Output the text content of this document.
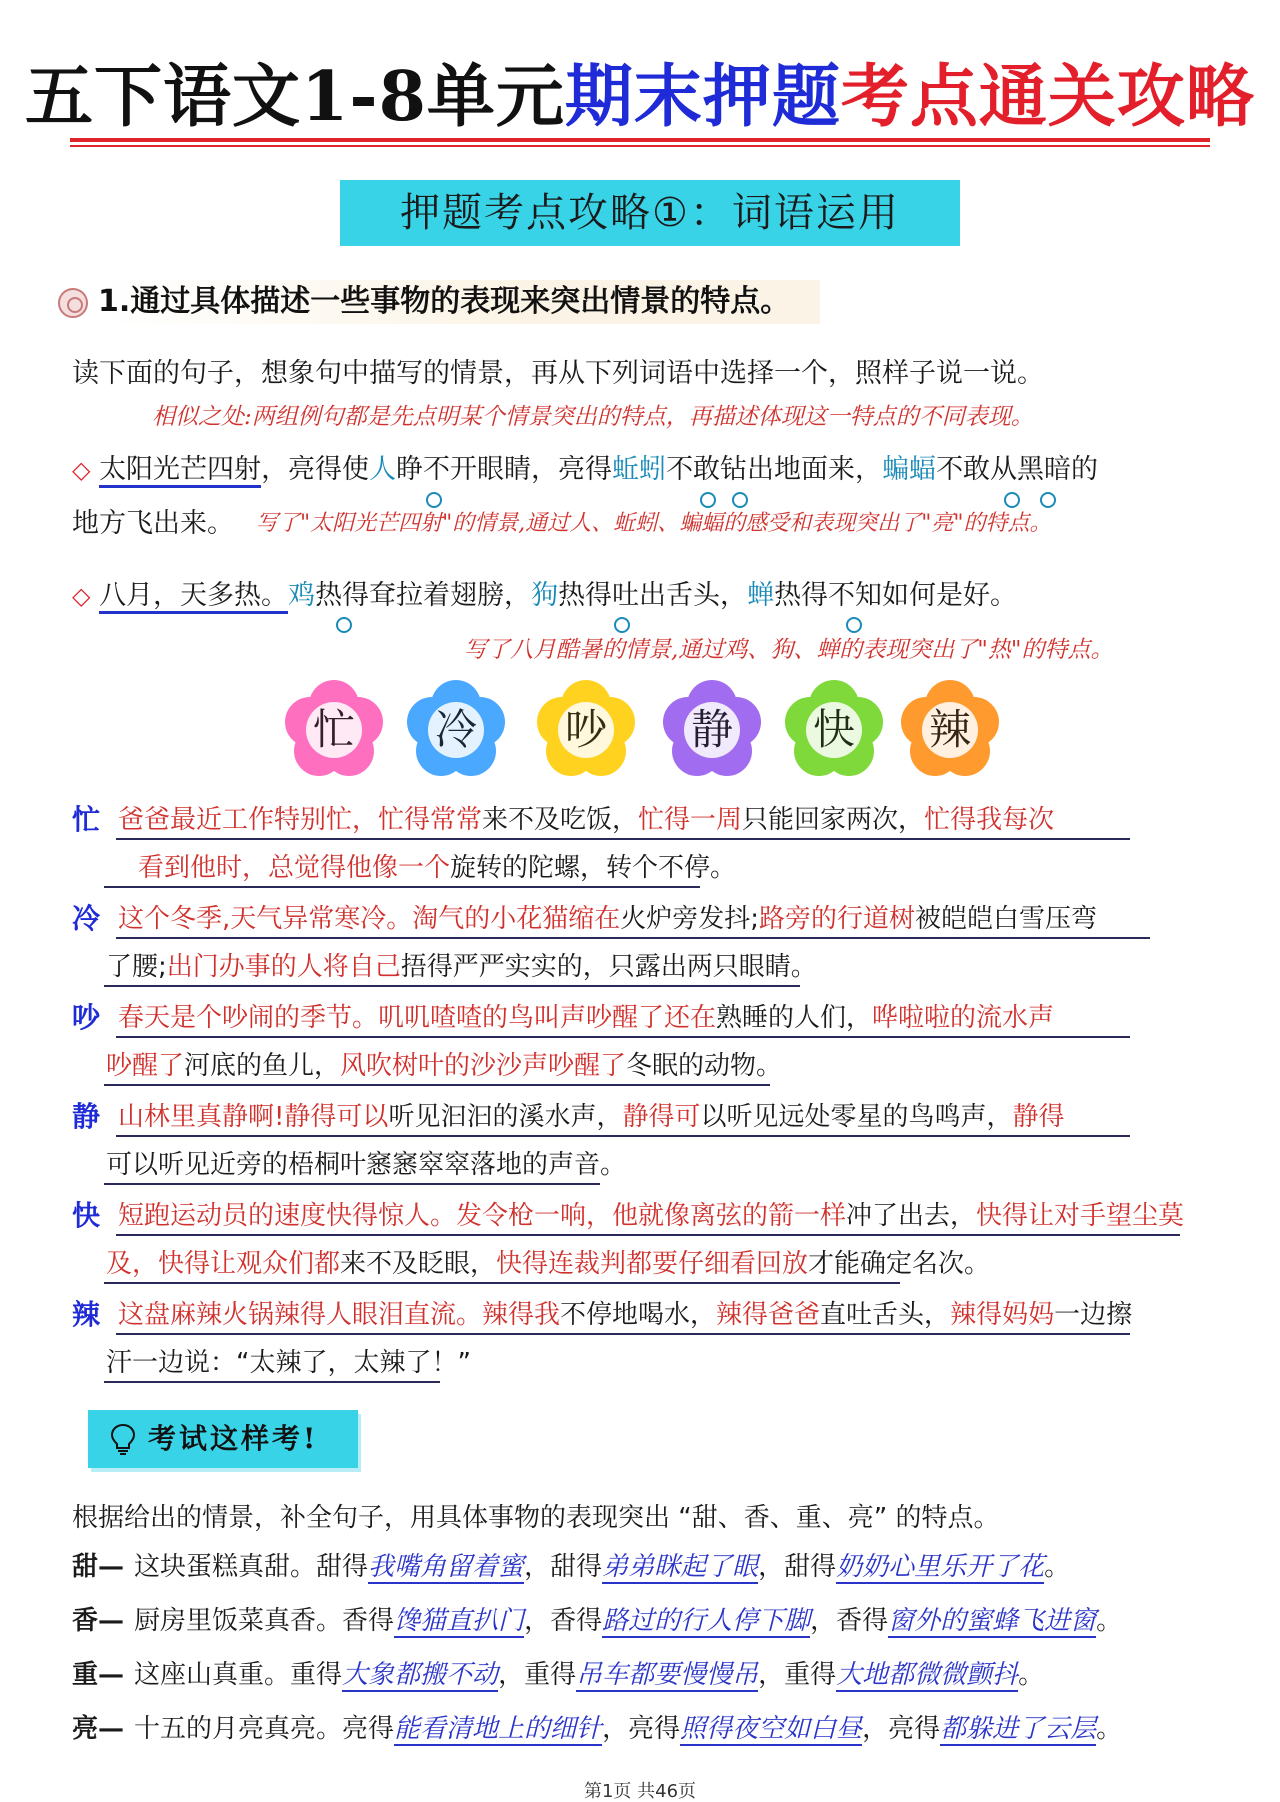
五下语文1-8单元期末押题考点通关攻略
押题考点攻略①：词语运用
1.通过具体描述一些事物的表现来突出情景的特点。
读下面的句子，想象句中描写的情景，再从下列词语中选择一个，照样子说一说。
相似之处:两组例句都是先点明某个情景突出的特点，再描述体现这一特点的不同表现。
◇ 太阳光芒四射，亮得使人睁不开眼睛，亮得蚯蚓不敢钻出地面来，蝙蝠不敢从黑暗的
地方飞出来。 写了"太阳光芒四射"的情景,通过人、蚯蚓、蝙蝠的感受和表现突出了"亮"的特点。
◇ 八月，天多热。鸡热得耷拉着翅膀，狗热得吐出舌头，蝉热得不知如何是好。
写了八月酷暑的情景,通过鸡、狗、蝉的表现突出了"热"的特点。
忙 冷 吵 静 快 辣
忙 爸爸最近工作特别忙，忙得常常来不及吃饭，忙得一周只能回家两次，忙得我每次
看到他时，总觉得他像一个旋转的陀螺，转个不停。
冷 这个冬季,天气异常寒冷。淘气的小花猫缩在火炉旁发抖;路旁的行道树被皑皑白雪压弯
了腰;出门办事的人将自己捂得严严实实的，只露出两只眼睛。
吵 春天是个吵闹的季节。叽叽喳喳的鸟叫声吵醒了还在熟睡的人们，哗啦啦的流水声
吵醒了河底的鱼儿，风吹树叶的沙沙声吵醒了冬眠的动物。
静 山林里真静啊!静得可以听见汩汩的溪水声，静得可以听见远处零星的鸟鸣声，静得
可以听见近旁的梧桐叶窸窸窣窣落地的声音。
快 短跑运动员的速度快得惊人。发令枪一响，他就像离弦的箭一样冲了出去，快得让对手望尘莫
及，快得让观众们都来不及眨眼，快得连裁判都要仔细看回放才能确定名次。
辣 这盘麻辣火锅辣得人眼泪直流。辣得我不停地喝水，辣得爸爸直吐舌头，辣得妈妈一边擦
汗一边说：“太辣了，太辣了！”
考试这样考!
根据给出的情景，补全句子，用具体事物的表现突出 “甜、香、重、亮” 的特点。
甜— 这块蛋糕真甜。甜得我嘴角留着蜜，甜得弟弟眯起了眼，甜得奶奶心里乐开了花。
香— 厨房里饭菜真香。香得馋猫直扒门，香得路过的行人停下脚，香得窗外的蜜蜂飞进窗。
重— 这座山真重。重得大象都搬不动，重得吊车都要慢慢吊，重得大地都微微颤抖。
亮— 十五的月亮真亮。亮得能看清地上的细针，亮得照得夜空如白昼，亮得都躲进了云层。
第1页 共46页
